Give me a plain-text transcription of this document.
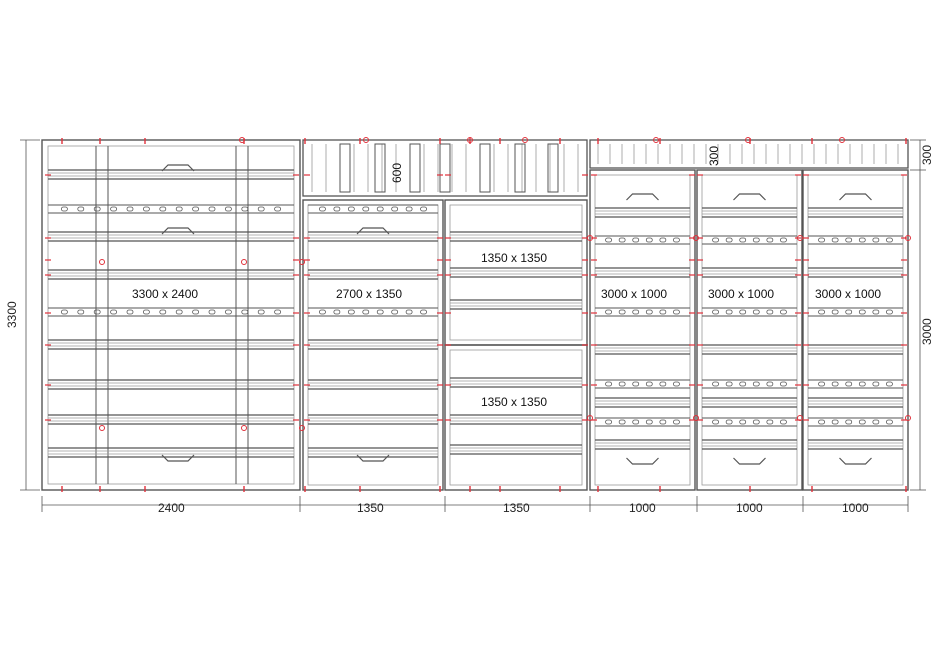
3300 x 2400	2700 x 1350
1350 x 1350
1350 x 1350
3000 x 1000	3000 x 1000	3000 x 1000
600
300
2400	1350	1350	1000	1000	1000
3300
3000
300
